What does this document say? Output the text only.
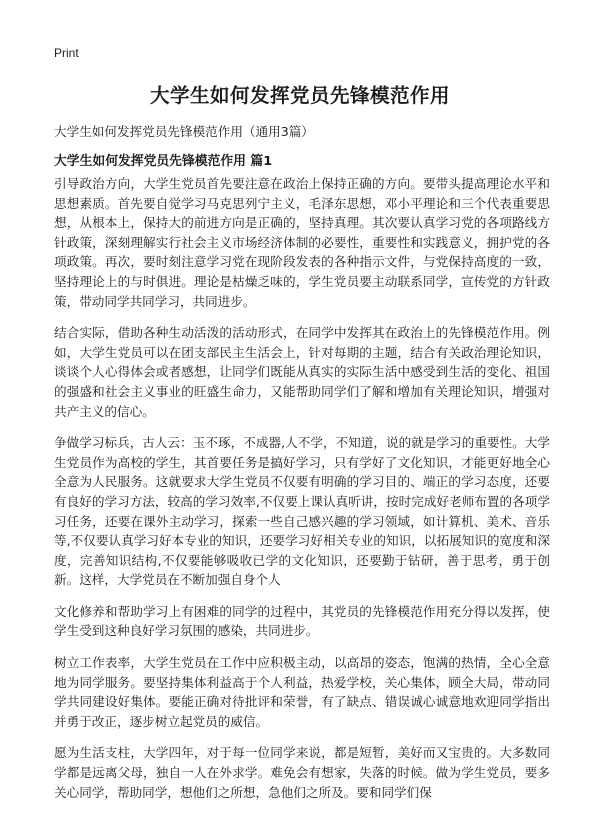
Print
大学生如何发挥党员先锋模范作用
大学生如何发挥党员先锋模范作用（通用3篇）
大学生如何发挥党员先锋模范作用 篇1

引导政治方向，大学生党员首先要注意在政治上保持正确的方向。要带头提高理论水平和思想素质。首先要自觉学习马克思列宁主义，毛泽东思想，邓小平理论和三个代表重要思想，从根本上，保持大的前进方向是正确的，坚持真理。其次要认真学习党的各项路线方针政策，深刻理解实行社会主义市场经济体制的必要性，重要性和实践意义，拥护党的各项政策。再次，要时刻注意学习党在现阶段发表的各种指示文件，与党保持高度的一致，坚持理论上的与时俱进。理论是枯燥乏味的，学生党员要主动联系同学，宣传党的方针政策，带动同学共同学习，共同进步。

结合实际，借助各种生动活泼的活动形式，在同学中发挥其在政治上的先锋模范作用。例如，大学生党员可以在团支部民主生活会上，针对每期的主题，结合有关政治理论知识，谈谈个人心得体会或者感想，让同学们既能从真实的实际生活中感受到生活的变化、祖国的强盛和社会主义事业的旺盛生命力，又能帮助同学们了解和增加有关理论知识，增强对共产主义的信心。

争做学习标兵，古人云：玉不琢，不成器,人不学，不知道，说的就是学习的重要性。大学生党员作为高校的学生，其首要任务是搞好学习，只有学好了文化知识，才能更好地全心全意为人民服务。这就要求大学生党员不仅要有明确的学习目的、端正的学习态度，还要有良好的学习方法，较高的学习效率,不仅要上课认真听讲，按时完成好老师布置的各项学习任务，还要在课外主动学习，探索一些自己感兴趣的学习领域，如计算机、美术、音乐等,不仅要认真学习好本专业的知识，还要学习好相关专业的知识，以拓展知识的宽度和深度，完善知识结构,不仅要能够吸收已学的文化知识，还要勤于钻研，善于思考，勇于创新。这样，大学党员在不断加强自身个人

文化修养和帮助学习上有困难的同学的过程中，其党员的先锋模范作用充分得以发挥，使学生受到这种良好学习氛围的感染，共同进步。

树立工作表率，大学生党员在工作中应积极主动，以高昂的姿态，饱满的热情，全心全意地为同学服务。要坚持集体利益高于个人利益，热爱学校，关心集体，顾全大局，带动同学共同建设好集体。要能正确对待批评和荣誉，有了缺点、错误诚心诚意地欢迎同学指出并勇于改正，逐步树立起党员的威信。

愿为生活支柱，大学四年，对于每一位同学来说，都是短暂，美好而又宝贵的。大多数同学都是远离父母，独自一人在外求学。难免会有想家，失落的时候。做为学生党员，要多关心同学，帮助同学，想他们之所想，急他们之所及。要和同学们保
